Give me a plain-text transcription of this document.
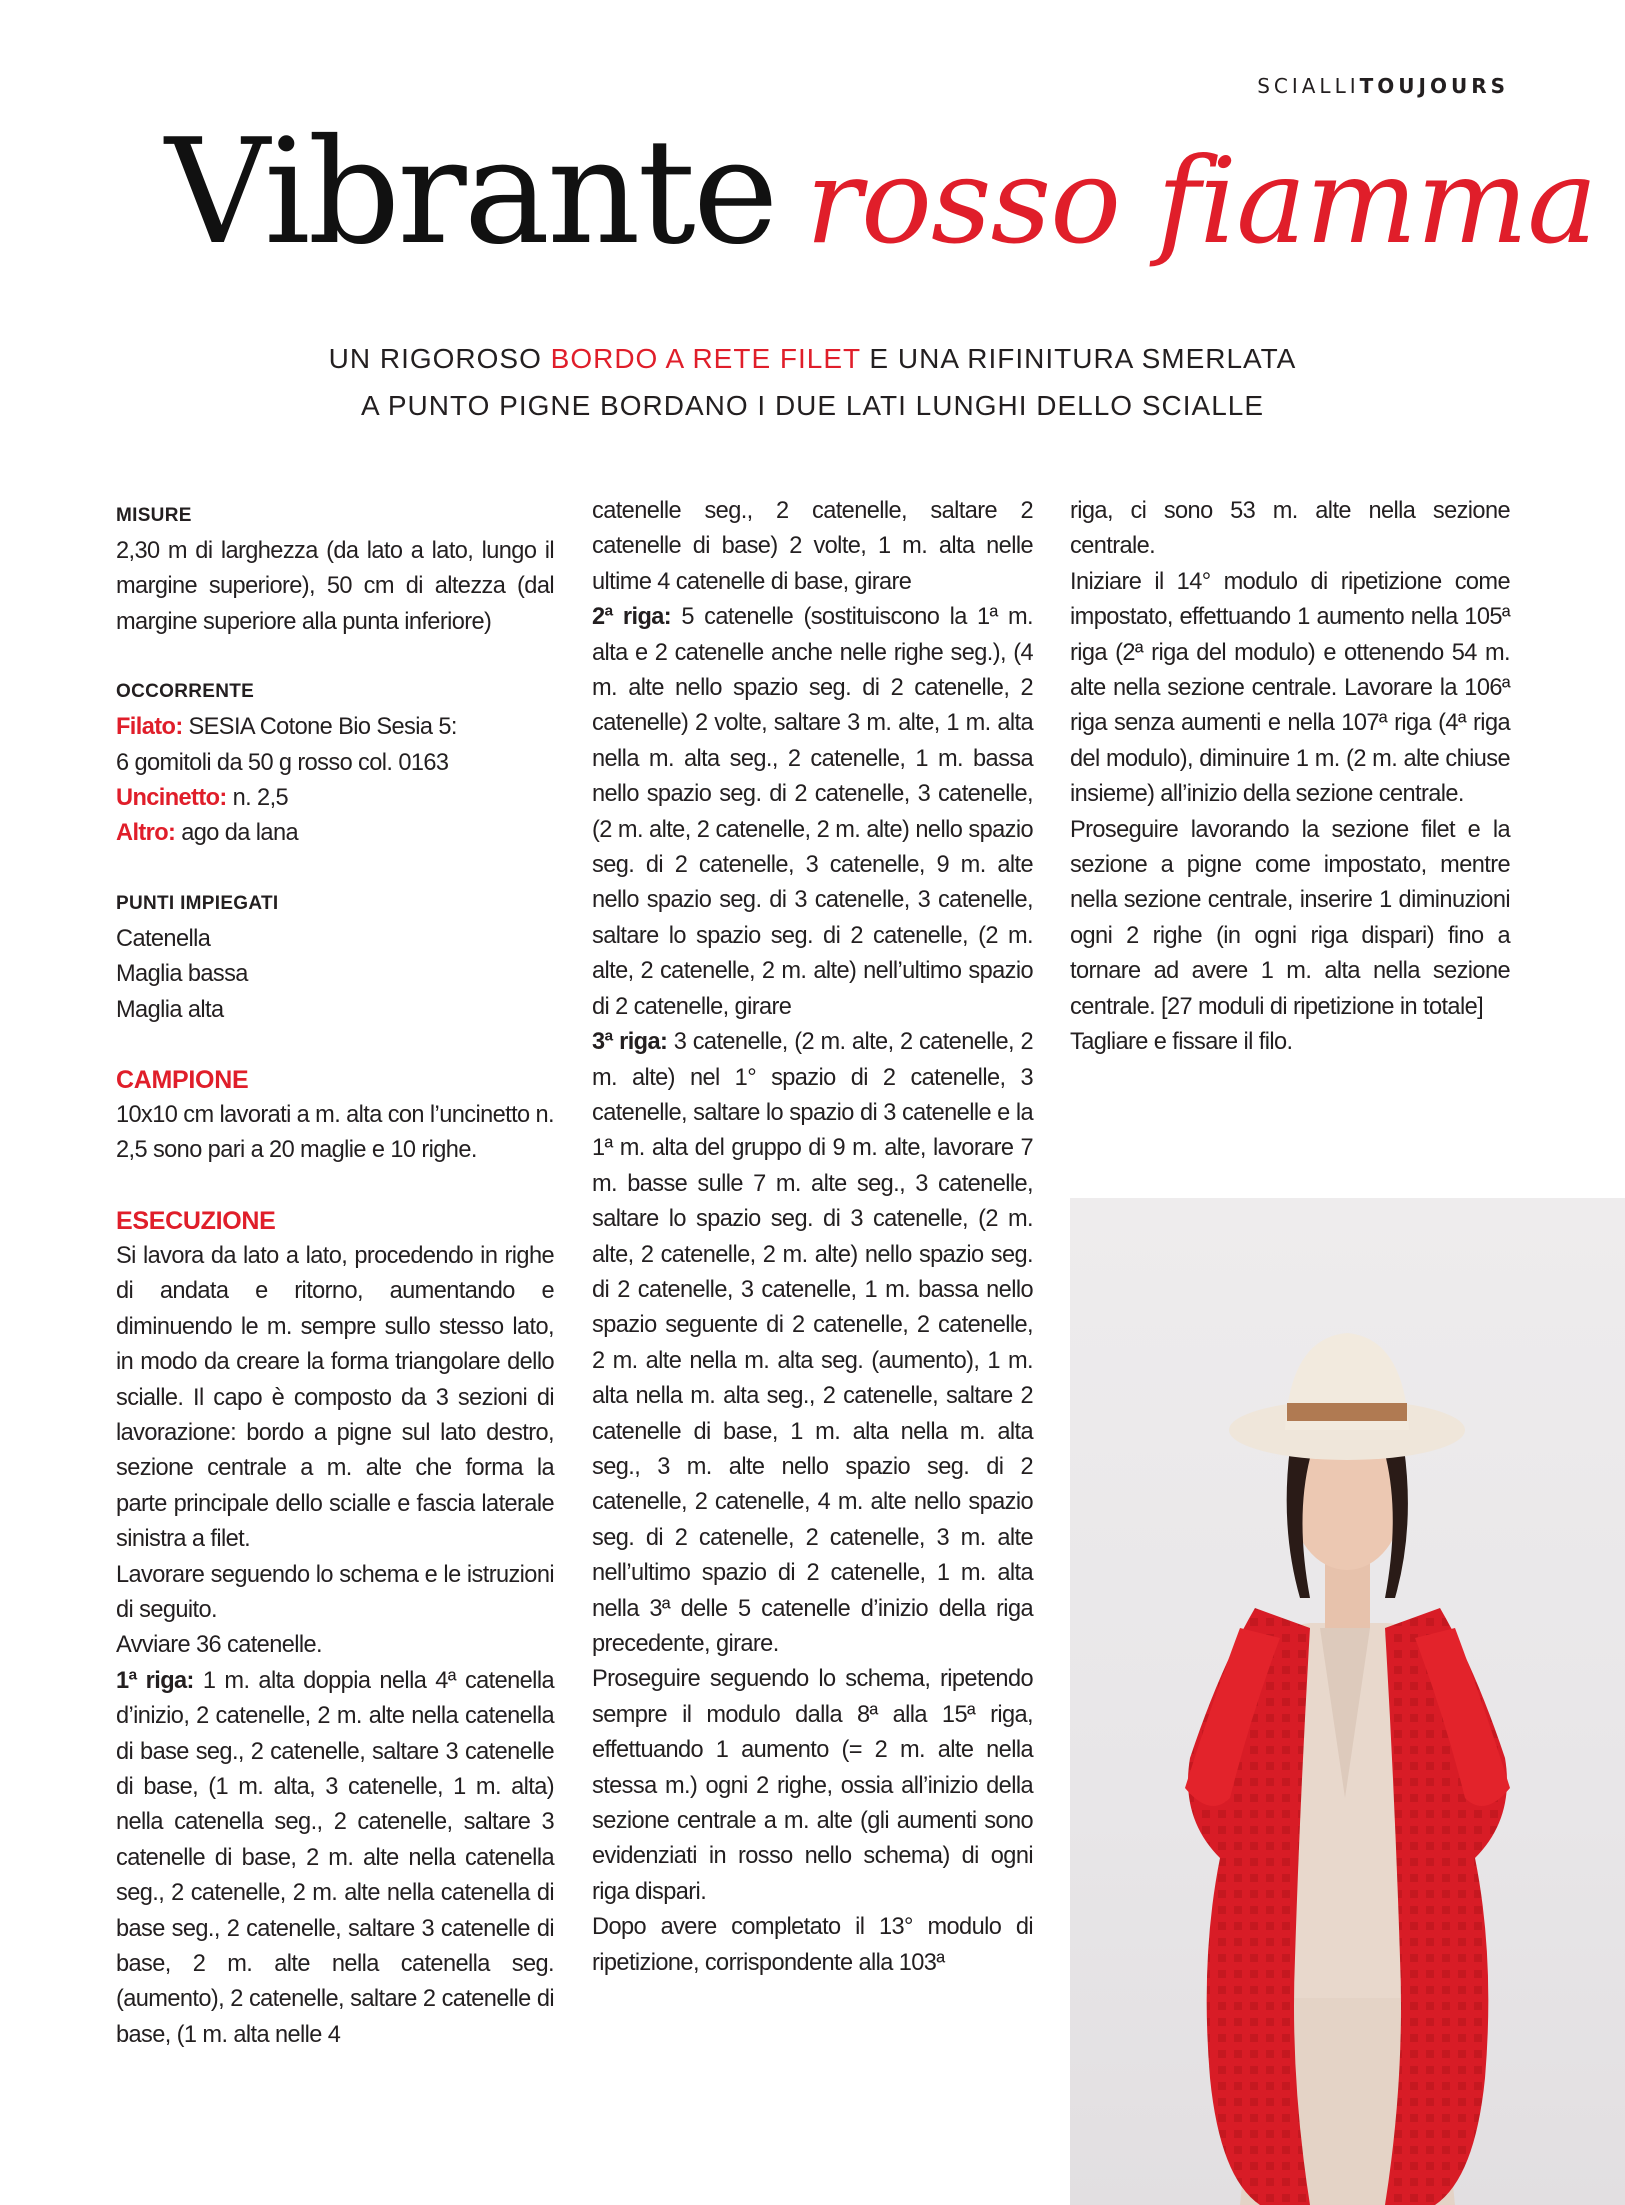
SCIALLITOUJOURS
Vibrante rosso fiamma
UN RIGOROSO BORDO A RETE FILET E UNA RIFINITURA SMERLATA
A PUNTO PIGNE BORDANO I DUE LATI LUNGHI DELLO SCIALLE

MISURE

2,30 m di larghezza (da lato a lato, lungo il margine superiore), 50 cm di altezza (dal margine superiore alla punta inferiore)

OCCORRENTE

Filato: SESIA Cotone Bio Sesia 5:

6 gomitoli da 50 g rosso col. 0163

Uncinetto: n. 2,5

Altro: ago da lana

PUNTI IMPIEGATI

Catenella

Maglia bassa

Maglia alta

CAMPIONE

10x10 cm lavorati a m. alta con l’uncinetto n. 2,5 sono pari a 20 maglie e 10 righe.

ESECUZIONE

Si lavora da lato a lato, procedendo in righe di andata e ritorno, aumentando e diminuendo le m. sempre sullo stesso lato, in modo da creare la forma triangolare dello scialle. Il capo è composto da 3 sezioni di lavorazione: bordo a pigne sul lato destro, sezione centrale a m. alte che forma la parte principale dello scialle e fascia laterale sinistra a filet.

Lavorare seguendo lo schema e le istruzioni di seguito.

Avviare 36 catenelle.

1ª riga: 1 m. alta doppia nella 4ª catenella d’inizio, 2 catenelle, 2 m. alte nella catenella di base seg., 2 catenelle, saltare 3 catenelle di base, (1 m. alta, 3 catenelle, 1 m. alta) nella catenella seg., 2 catenelle, saltare 3 catenelle di base, 2 m. alte nella catenella seg., 2 catenelle, 2 m. alte nella catenella di base seg., 2 catenelle, saltare 3 catenelle di base, 2 m. alte nella catenella seg. (aumento), 2 catenelle, saltare 2 catenelle di base, (1 m. alta nelle 4

catenelle seg., 2 catenelle, saltare 2 catenelle di base) 2 volte, 1 m. alta nelle ultime 4 catenelle di base, girare

2ª riga: 5 catenelle (sostituiscono la 1ª m. alta e 2 catenelle anche nelle righe seg.), (4 m. alte nello spazio seg. di 2 catenelle, 2 catenelle) 2 volte, saltare 3 m. alte, 1 m. alta nella m. alta seg., 2 catenelle, 1 m. bassa nello spazio seg. di 2 catenelle, 3 catenelle, (2 m. alte, 2 catenelle, 2 m. alte) nello spazio seg. di 2 catenelle, 3 catenelle, 9 m. alte nello spazio seg. di 3 catenelle, 3 catenelle, saltare lo spazio seg. di 2 catenelle, (2 m. alte, 2 catenelle, 2 m. alte) nell’ultimo spazio di 2 catenelle, girare

3ª riga: 3 catenelle, (2 m. alte, 2 catenelle, 2 m. alte) nel 1° spazio di 2 catenelle, 3 catenelle, saltare lo spazio di 3 catenelle e la 1ª m. alta del gruppo di 9 m. alte, lavorare 7 m. basse sulle 7 m. alte seg., 3 catenelle, saltare lo spazio seg. di 3 catenelle, (2 m. alte, 2 catenelle, 2 m. alte) nello spazio seg. di 2 catenelle, 3 catenelle, 1 m. bassa nello spazio seguente di 2 catenelle, 2 catenelle, 2 m. alte nella m. alta seg. (aumento), 1 m. alta nella m. alta seg., 2 catenelle, saltare 2 catenelle di base, 1 m. alta nella m. alta seg., 3 m. alte nello spazio seg. di 2 catenelle, 2 catenelle, 4 m. alte nello spazio seg. di 2 catenelle, 2 catenelle, 3 m. alte nell’ultimo spazio di 2 catenelle, 1 m. alta nella 3ª delle 5 catenelle d’inizio della riga precedente, girare.

Proseguire seguendo lo schema, ripetendo sempre il modulo dalla 8ª alla 15ª riga, effettuando 1 aumento (= 2 m. alte nella stessa m.) ogni 2 righe, ossia all’inizio della sezione centrale a m. alte (gli aumenti sono evidenziati in rosso nello schema) di ogni riga dispari.

Dopo avere completato il 13° modulo di ripetizione, corrispondente alla 103ª

riga, ci sono 53 m. alte nella sezione centrale.

Iniziare il 14° modulo di ripetizione come impostato, effettuando 1 aumento nella 105ª riga (2ª riga del modulo) e ottenendo 54 m. alte nella sezione centrale. Lavorare la 106ª riga senza aumenti e nella 107ª riga (4ª riga del modulo), diminuire 1 m. (2 m. alte chiuse insieme) all’inizio della sezione centrale.

Proseguire lavorando la sezione filet e la sezione a pigne come impostato, mentre nella sezione centrale, inserire 1 diminuzioni ogni 2 righe (in ogni riga dispari) fino a tornare ad avere 1 m. alta nella sezione centrale. [27 moduli di ripetizione in totale]

Tagliare e fissare il filo.
